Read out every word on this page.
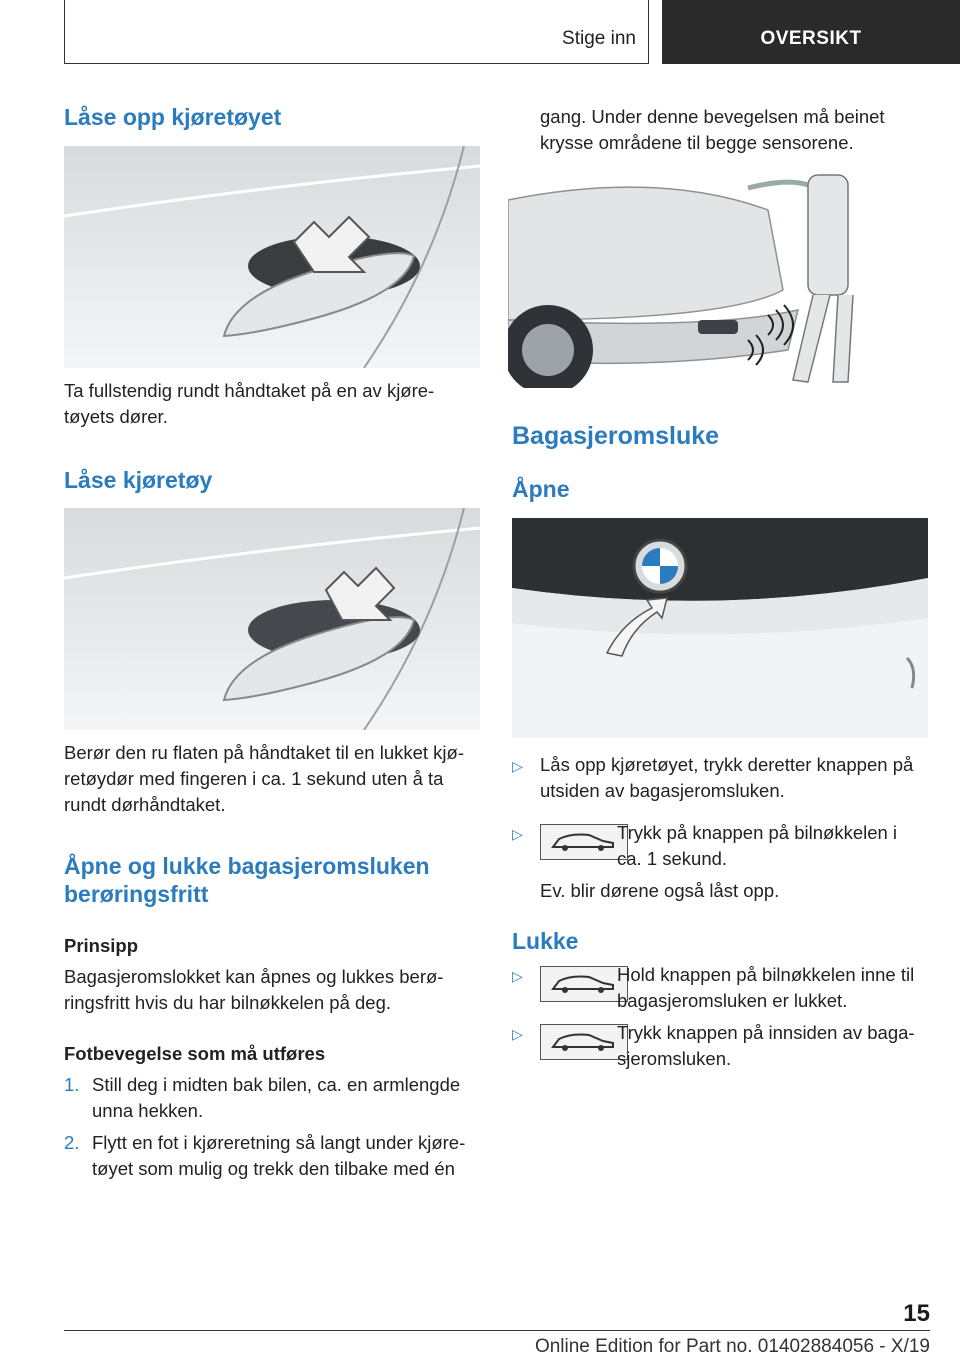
Stige inn	OVERSIKT
Låse opp kjøretøyet

Ta fullstendig rundt håndtaket på en av kjøre-
tøyets dører.

Låse kjøretøy

Berør den ru flaten på håndtaket til en lukket kjø-
retøydør med fingeren i ca. 1 sekund uten å ta
rundt dørhåndtaket.

Åpne og lukke bagasjeromsluken
berøringsfritt
Prinsipp

Bagasjeromslokket kan åpnes og lukkes berø-
ringsfritt hvis du har bilnøkkelen på deg.

Fotbevegelse som må utføres
1. Still deg i midten bak bilen, ca. en armlengde
unna hekken.
2. Flytt en fot i kjøreretning så langt under kjøre-
tøyet som mulig og trekk den tilbake med én

gang. Under denne bevegelsen må beinet
krysse områdene til begge sensorene.

Bagasjeromsluke
Åpne
▷ Lås opp kjøretøyet, trykk deretter knappen på
utsiden av bagasjeromsluken.
▷	Trykk på knappen på bilnøkkelen i
ca. 1 sekund.
Ev. blir dørene også låst opp.
Lukke
▷	Hold knappen på bilnøkkelen inne til
bagasjeromsluken er lukket.
▷	Trykk knappen på innsiden av baga-
sjeromsluken.
15
Online Edition for Part no. 01402884056 - X/19
